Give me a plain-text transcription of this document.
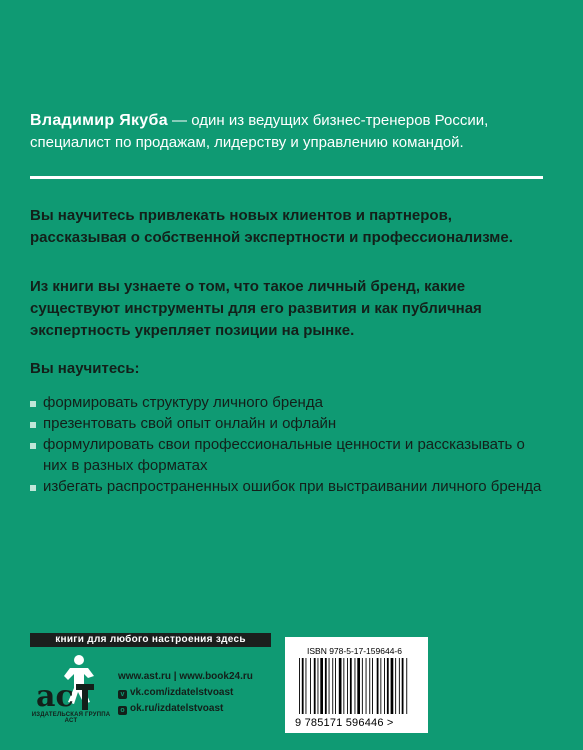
Владимир Якуба — один из ведущих бизнес-тренеров России, специалист по продажам, лидерству и управлению командой.
Вы научитесь привлекать новых клиентов и партнеров, рассказывая о собственной экспертности и профессионализме.
Из книги вы узнаете о том, что такое личный бренд, какие существуют инструменты для его развития и как публичная экспертность укрепляет позиции на рынке.
Вы научитесь:
формировать структуру личного бренда
презентовать свой опыт онлайн и офлайн
формулировать свои профессиональные ценности и рассказывать о них в разных форматах
избегать распространенных ошибок при выстраивании личного бренда
книги для любого настроения здесь
ac
ИЗДАТЕЛЬСКАЯ ГРУППА АСТ
www.ast.ru | www.book24.ru
v vk.com/izdatelstvoast
o ok.ru/izdatelstvoast
ISBN 978-5-17-159644-6
9 785171 596446 >
